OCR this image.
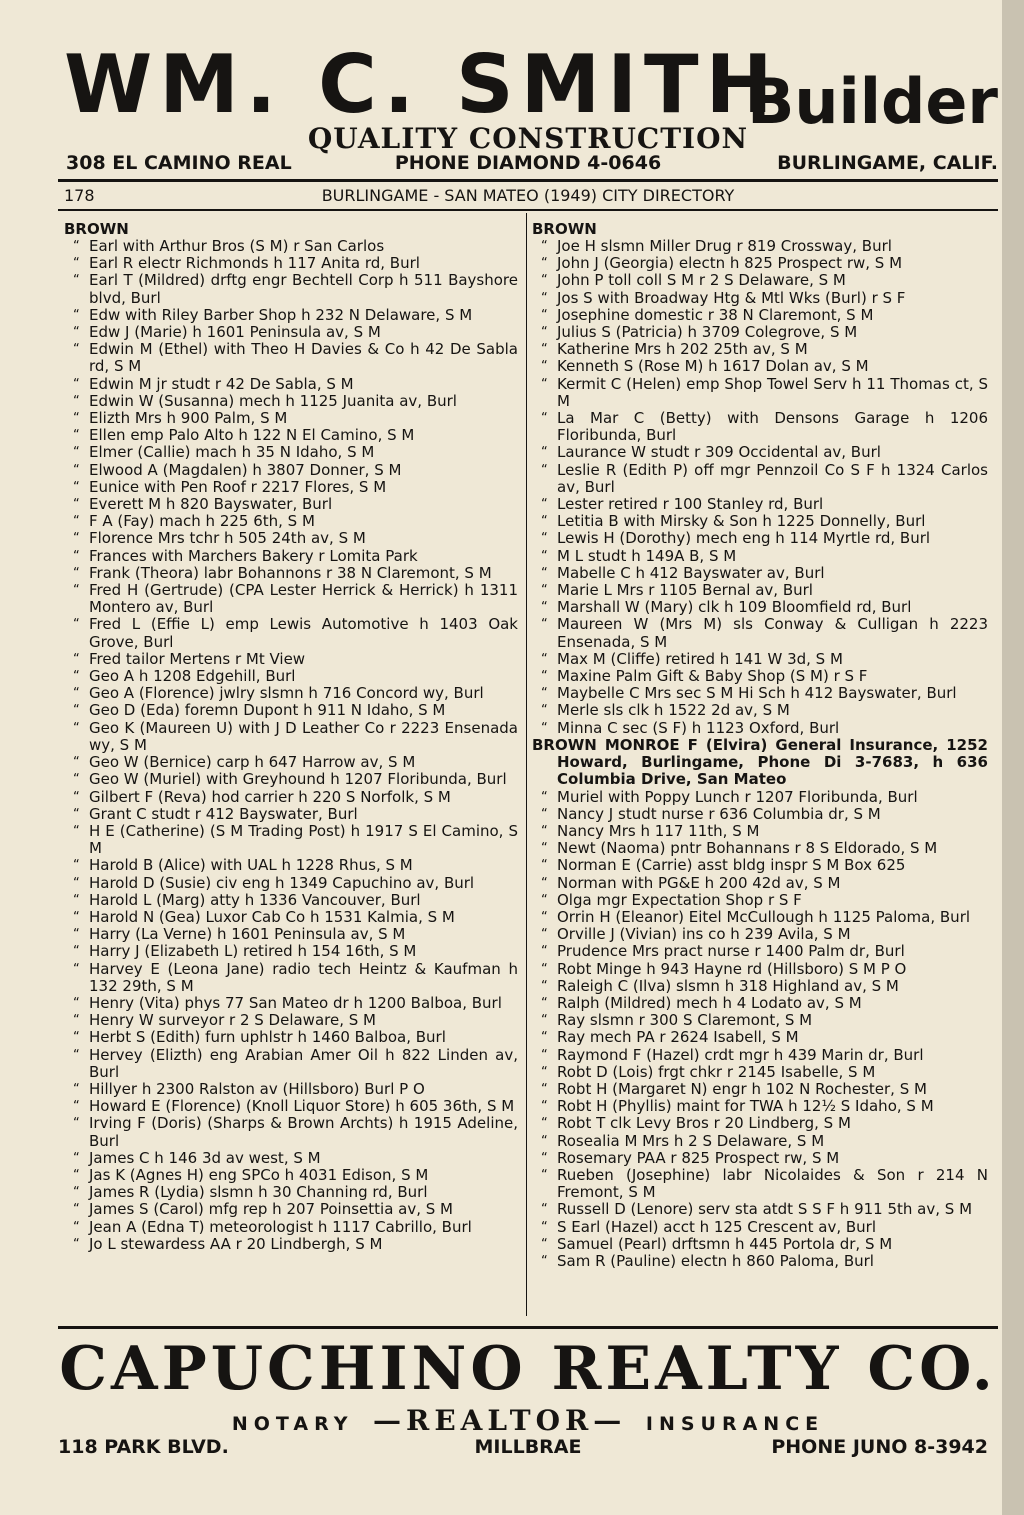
WM. C. SMITH
Builder
QUALITY CONSTRUCTION
308 EL CAMINO REAL	PHONE DIAMOND 4-0646	BURLINGAME, CALIF.
178	BURLINGAME - SAN MATEO (1949) CITY DIRECTORY
BROWN
“ Earl with Arthur Bros (S M) r San Carlos
“ Earl R electr Richmonds h 117 Anita rd, Burl
“ Earl T (Mildred) drftg engr Bechtell Corp h 511 Bayshore blvd, Burl
“ Edw with Riley Barber Shop h 232 N Delaware, S M
“ Edw J (Marie) h 1601 Peninsula av, S M
“ Edwin M (Ethel) with Theo H Davies & Co h 42 De Sabla rd, S M
“ Edwin M jr studt r 42 De Sabla, S M
“ Edwin W (Susanna) mech h 1125 Juanita av, Burl
“ Elizth Mrs h 900 Palm, S M
“ Ellen emp Palo Alto h 122 N El Camino, S M
“ Elmer (Callie) mach h 35 N Idaho, S M
“ Elwood A (Magdalen) h 3807 Donner, S M
“ Eunice with Pen Roof r 2217 Flores, S M
“ Everett M h 820 Bayswater, Burl
“ F A (Fay) mach h 225 6th, S M
“ Florence Mrs tchr h 505 24th av, S M
“ Frances with Marchers Bakery r Lomita Park
“ Frank (Theora) labr Bohannons r 38 N Claremont, S M
“ Fred H (Gertrude) (CPA Lester Herrick & Herrick) h 1311 Montero av, Burl
“ Fred L (Effie L) emp Lewis Automotive h 1403 Oak Grove, Burl
“ Fred tailor Mertens r Mt View
“ Geo A h 1208 Edgehill, Burl
“ Geo A (Florence) jwlry slsmn h 716 Concord wy, Burl
“ Geo D (Eda) foremn Dupont h 911 N Idaho, S M
“ Geo K (Maureen U) with J D Leather Co r 2223 Ensenada wy, S M
“ Geo W (Bernice) carp h 647 Harrow av, S M
“ Geo W (Muriel) with Greyhound h 1207 Floribunda, Burl
“ Gilbert F (Reva) hod carrier h 220 S Norfolk, S M
“ Grant C studt r 412 Bayswater, Burl
“ H E (Catherine) (S M Trading Post) h 1917 S El Camino, S M
“ Harold B (Alice) with UAL h 1228 Rhus, S M
“ Harold D (Susie) civ eng h 1349 Capuchino av, Burl
“ Harold L (Marg) atty h 1336 Vancouver, Burl
“ Harold N (Gea) Luxor Cab Co h 1531 Kalmia, S M
“ Harry (La Verne) h 1601 Peninsula av, S M
“ Harry J (Elizabeth L) retired h 154 16th, S M
“ Harvey E (Leona Jane) radio tech Heintz & Kaufman h 132 29th, S M
“ Henry (Vita) phys 77 San Mateo dr h 1200 Balboa, Burl
“ Henry W surveyor r 2 S Delaware, S M
“ Herbt S (Edith) furn uphlstr h 1460 Balboa, Burl
“ Hervey (Elizth) eng Arabian Amer Oil h 822 Linden av, Burl
“ Hillyer h 2300 Ralston av (Hillsboro) Burl P O
“ Howard E (Florence) (Knoll Liquor Store) h 605 36th, S M
“ Irving F (Doris) (Sharps & Brown Archts) h 1915 Adeline, Burl
“ James C h 146 3d av west, S M
“ Jas K (Agnes H) eng SPCo h 4031 Edison, S M
“ James R (Lydia) slsmn h 30 Channing rd, Burl
“ James S (Carol) mfg rep h 207 Poinsettia av, S M
“ Jean A (Edna T) meteorologist h 1117 Cabrillo, Burl
“ Jo L stewardess AA r 20 Lindbergh, S M
BROWN
“ Joe H slsmn Miller Drug r 819 Crossway, Burl
“ John J (Georgia) electn h 825 Prospect rw, S M
“ John P toll coll S M r 2 S Delaware, S M
“ Jos S with Broadway Htg & Mtl Wks (Burl) r S F
“ Josephine domestic r 38 N Claremont, S M
“ Julius S (Patricia) h 3709 Colegrove, S M
“ Katherine Mrs h 202 25th av, S M
“ Kenneth S (Rose M) h 1617 Dolan av, S M
“ Kermit C (Helen) emp Shop Towel Serv h 11 Thomas ct, S M
“ La Mar C (Betty) with Densons Garage h 1206 Floribunda, Burl
“ Laurance W studt r 309 Occidental av, Burl
“ Leslie R (Edith P) off mgr Pennzoil Co S F h 1324 Carlos av, Burl
“ Lester retired r 100 Stanley rd, Burl
“ Letitia B with Mirsky & Son h 1225 Donnelly, Burl
“ Lewis H (Dorothy) mech eng h 114 Myrtle rd, Burl
“ M L studt h 149A B, S M
“ Mabelle C h 412 Bayswater av, Burl
“ Marie L Mrs r 1105 Bernal av, Burl
“ Marshall W (Mary) clk h 109 Bloomfield rd, Burl
“ Maureen W (Mrs M) sls Conway & Culligan h 2223 Ensenada, S M
“ Max M (Cliffe) retired h 141 W 3d, S M
“ Maxine Palm Gift & Baby Shop (S M) r S F
“ Maybelle C Mrs sec S M Hi Sch h 412 Bayswater, Burl
“ Merle sls clk h 1522 2d av, S M
“ Minna C sec (S F) h 1123 Oxford, Burl
BROWN MONROE F (Elvira) General Insurance, 1252 Howard, Burlingame, Phone Di 3-7683, h 636 Columbia Drive, San Mateo
“ Muriel with Poppy Lunch r 1207 Floribunda, Burl
“ Nancy J studt nurse r 636 Columbia dr, S M
“ Nancy Mrs h 117 11th, S M
“ Newt (Naoma) pntr Bohannans r 8 S Eldorado, S M
“ Norman E (Carrie) asst bldg inspr S M Box 625
“ Norman with PG&E h 200 42d av, S M
“ Olga mgr Expectation Shop r S F
“ Orrin H (Eleanor) Eitel McCullough h 1125 Paloma, Burl
“ Orville J (Vivian) ins co h 239 Avila, S M
“ Prudence Mrs pract nurse r 1400 Palm dr, Burl
“ Robt Minge h 943 Hayne rd (Hillsboro) S M P O
“ Raleigh C (Ilva) slsmn h 318 Highland av, S M
“ Ralph (Mildred) mech h 4 Lodato av, S M
“ Ray slsmn r 300 S Claremont, S M
“ Ray mech PA r 2624 Isabell, S M
“ Raymond F (Hazel) crdt mgr h 439 Marin dr, Burl
“ Robt D (Lois) frgt chkr r 2145 Isabelle, S M
“ Robt H (Margaret N) engr h 102 N Rochester, S M
“ Robt H (Phyllis) maint for TWA h 12½ S Idaho, S M
“ Robt T clk Levy Bros r 20 Lindberg, S M
“ Rosealia M Mrs h 2 S Delaware, S M
“ Rosemary PAA r 825 Prospect rw, S M
“ Rueben (Josephine) labr Nicolaides & Son r 214 N Fremont, S M
“ Russell D (Lenore) serv sta atdt S S F h 911 5th av, S M
“ S Earl (Hazel) acct h 125 Crescent av, Burl
“ Samuel (Pearl) drftsmn h 445 Portola dr, S M
“ Sam R (Pauline) electn h 860 Paloma, Burl
CAPUCHINO REALTY CO.
NOTARY —REALTOR— INSURANCE
118 PARK BLVD.	MILLBRAE	PHONE JUNO 8-3942
